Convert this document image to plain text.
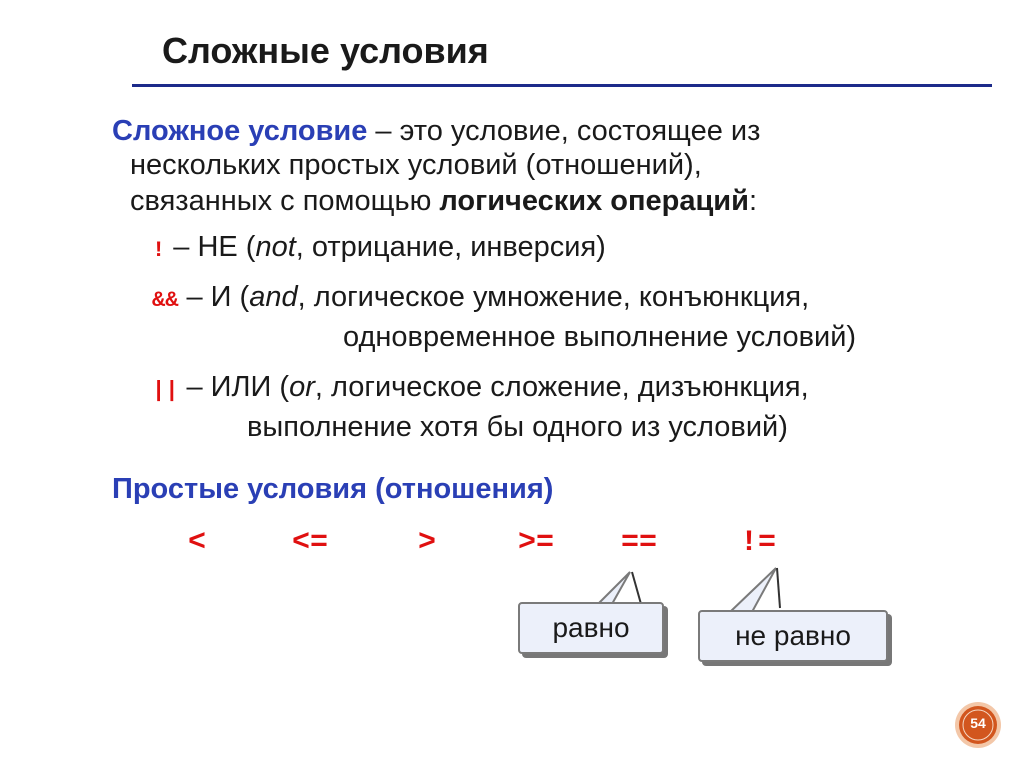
Сложные условия
Сложное условие – это условие, состоящее из
нескольких простых условий (отношений),
связанных с помощью логических операций:
! – НЕ (not, отрицание, инверсия)
&& – И (and, логическое умножение, конъюнкция,
одновременное выполнение условий)
|| – ИЛИ (or, логическое сложение, дизъюнкция,
выполнение хотя бы одного из условий)
Простые условия (отношения)
<	<=	>	>= ==	!=
равно	не равно
54
